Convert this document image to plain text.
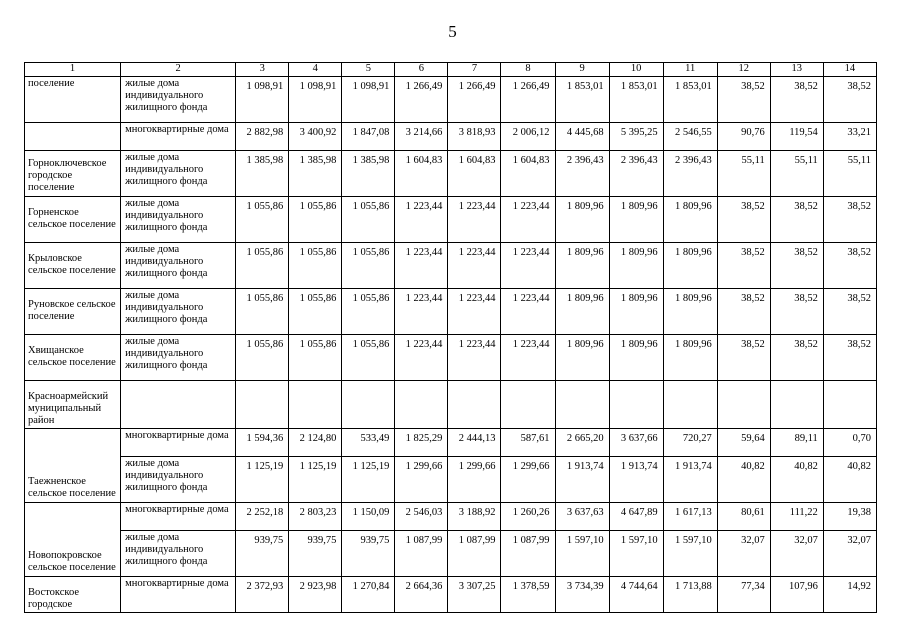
5
1	2	3	4	5	6	7	8	9	10	11	12	13	14
поселение	жилые дома индивидуального жилищного фонда	1 098,91	1 098,91	1 098,91	1 266,49	1 266,49	1 266,49	1 853,01	1 853,01	1 853,01	38,52	38,52	38,52
	многоквартирные дома	2 882,98	3 400,92	1 847,08	3 214,66	3 818,93	2 006,12	4 445,68	5 395,25	2 546,55	90,76	119,54	33,21
Горноключевское городское поселение	жилые дома индивидуального жилищного фонда	1 385,98	1 385,98	1 385,98	1 604,83	1 604,83	1 604,83	2 396,43	2 396,43	2 396,43	55,11	55,11	55,11
Горненское сельское поселение	жилые дома индивидуального жилищного фонда	1 055,86	1 055,86	1 055,86	1 223,44	1 223,44	1 223,44	1 809,96	1 809,96	1 809,96	38,52	38,52	38,52
Крыловское сельское поселение	жилые дома индивидуального жилищного фонда	1 055,86	1 055,86	1 055,86	1 223,44	1 223,44	1 223,44	1 809,96	1 809,96	1 809,96	38,52	38,52	38,52
Руновское сельское поселение	жилые дома индивидуального жилищного фонда	1 055,86	1 055,86	1 055,86	1 223,44	1 223,44	1 223,44	1 809,96	1 809,96	1 809,96	38,52	38,52	38,52
Хвищанское сельское поселение	жилые дома индивидуального жилищного фонда	1 055,86	1 055,86	1 055,86	1 223,44	1 223,44	1 223,44	1 809,96	1 809,96	1 809,96	38,52	38,52	38,52
Красноармейский муниципальный район													
Таежненское сельское поселение	многоквартирные дома	1 594,36	2 124,80	533,49	1 825,29	2 444,13	587,61	2 665,20	3 637,66	720,27	59,64	89,11	0,70
	жилые дома индивидуального жилищного фонда	1 125,19	1 125,19	1 125,19	1 299,66	1 299,66	1 299,66	1 913,74	1 913,74	1 913,74	40,82	40,82	40,82
Новопокровское сельское поселение	многоквартирные дома	2 252,18	2 803,23	1 150,09	2 546,03	3 188,92	1 260,26	3 637,63	4 647,89	1 617,13	80,61	111,22	19,38
	жилые дома индивидуального жилищного фонда	939,75	939,75	939,75	1 087,99	1 087,99	1 087,99	1 597,10	1 597,10	1 597,10	32,07	32,07	32,07
Востокское городское	многоквартирные дома	2 372,93	2 923,98	1 270,84	2 664,36	3 307,25	1 378,59	3 734,39	4 744,64	1 713,88	77,34	107,96	14,92
